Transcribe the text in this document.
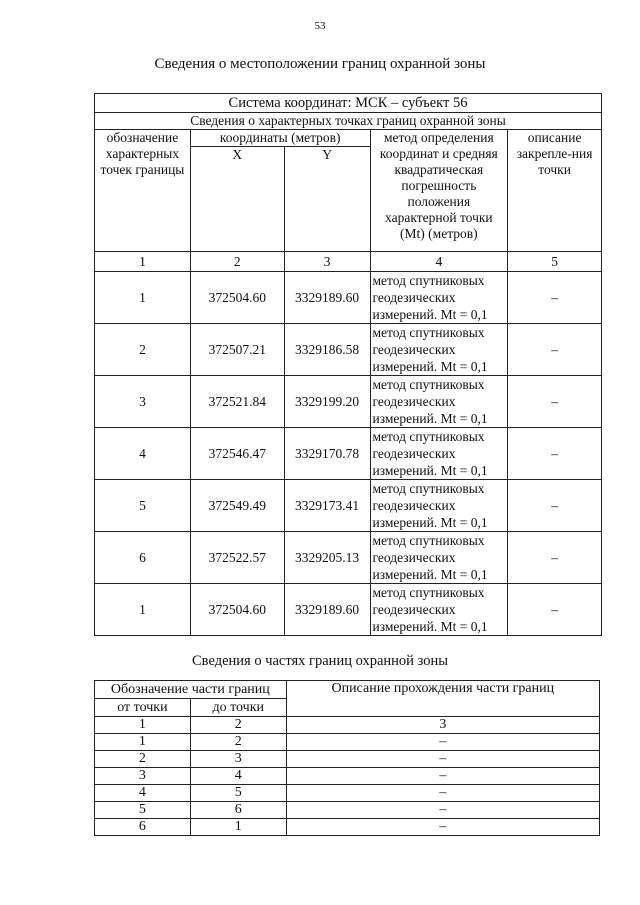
53
Сведения о местоположении границ охранной зоны
Система координат: МСК – субъект 56				
Сведения о характерных точках границ охранной зоны				
обозначение характерных точек границы	координаты (метров)		метод определения координат и средняя квадратическая погрешность положения характерной точки (Mt) (метров)	описание закрепле-ния точки
	X	Y		
1	2	3	4	5
1	372504.60	3329189.60	метод спутниковых геодезических измерений. Mt = 0,1	–
2	372507.21	3329186.58	метод спутниковых геодезических измерений. Mt = 0,1	–
3	372521.84	3329199.20	метод спутниковых геодезических измерений. Mt = 0,1	–
4	372546.47	3329170.78	метод спутниковых геодезических измерений. Mt = 0,1	–
5	372549.49	3329173.41	метод спутниковых геодезических измерений. Mt = 0,1	–
6	372522.57	3329205.13	метод спутниковых геодезических измерений. Mt = 0,1	–
1	372504.60	3329189.60	метод спутниковых геодезических измерений. Mt = 0,1	–
Сведения о частях границ охранной зоны
Обозначение части границ		Описание прохождения части границ
от точки	до точки	
1	2	3
1	2	–
2	3	–
3	4	–
4	5	–
5	6	–
6	1	–
